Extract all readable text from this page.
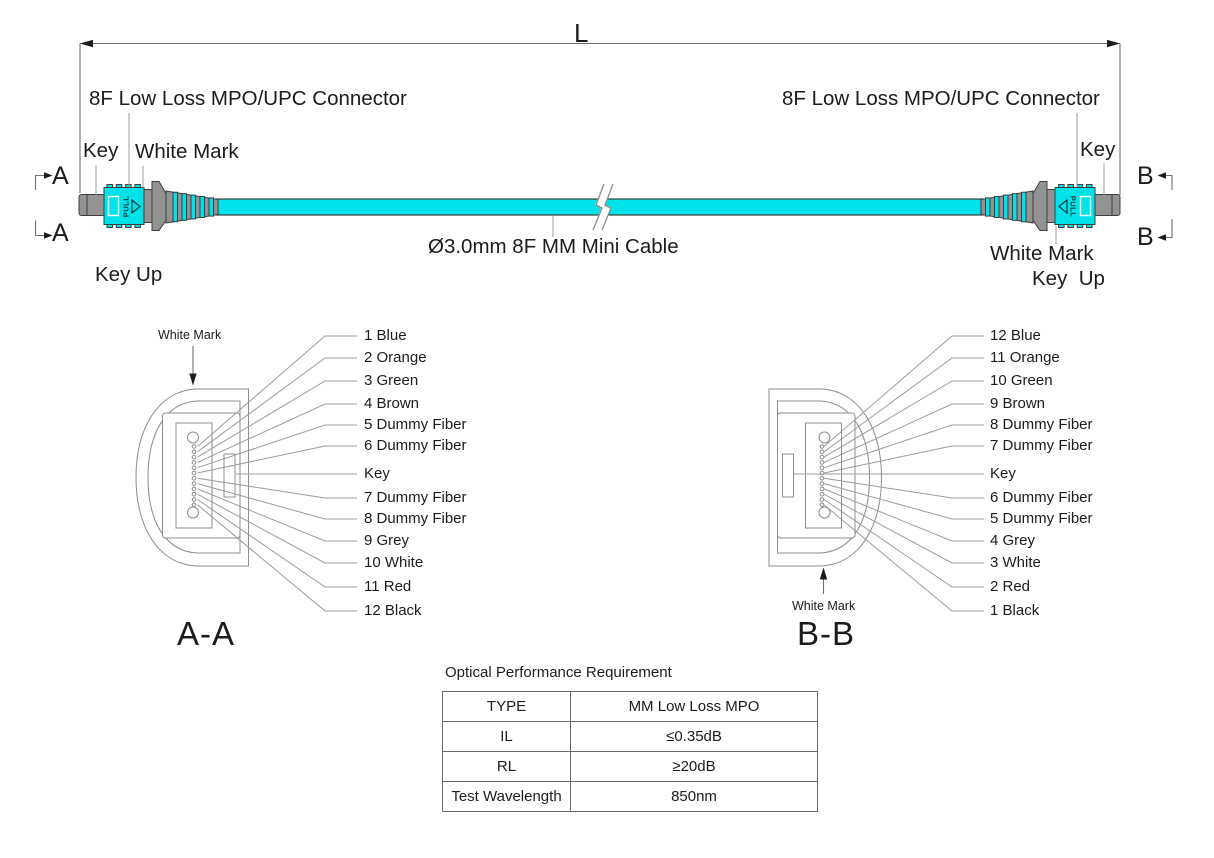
PULL	PULL
L
8F Low Loss MPO/UPC Connector	8F Low Loss MPO/UPC Connector
Key White Mark
Key Up
Key
White Mark
Key  Up
Ø3.0mm 8F MM Mini Cable
A
A
B
B
White Mark
White Mark
A-A	B-B
Optical Performance Requirement
TYPE	MM Low Loss MPO
IL	≤0.35dB
RL	≥20dB
Test Wavelength	850nm
1 Blue
2 Orange
3 Green
4 Brown
5 Dummy Fiber
6 Dummy Fiber
Key
7 Dummy Fiber
8 Dummy Fiber
9 Grey
10 White
11 Red
12 Black
12 Blue
11 Orange
10 Green
9 Brown
8 Dummy Fiber
7 Dummy Fiber
Key
6 Dummy Fiber
5 Dummy Fiber
4 Grey
3 White
2 Red
1 Black
